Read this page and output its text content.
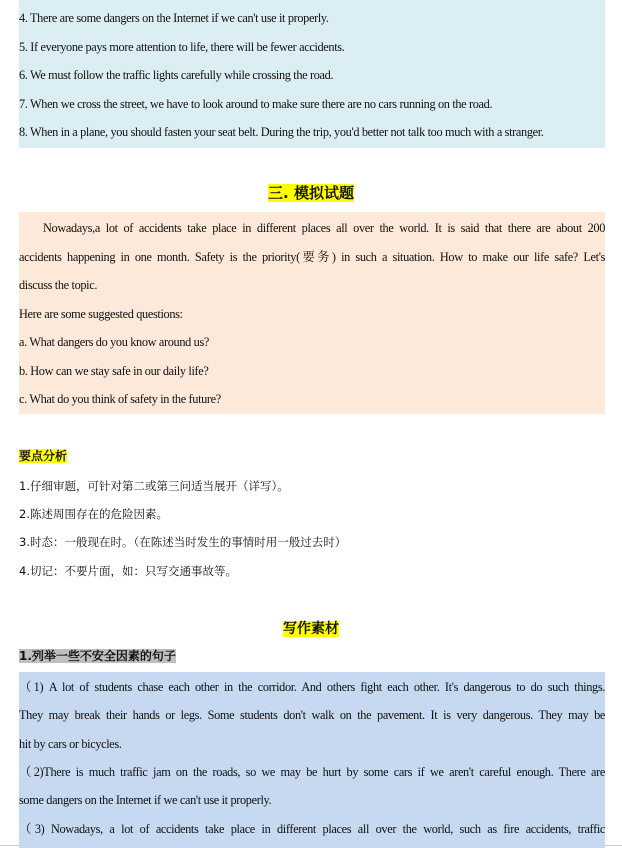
4. There are some dangers on the Internet if we can't use it properly.
5. If everyone pays more attention to life, there will be fewer accidents.
6. We must follow the traffic lights carefully while crossing the road.
7. When we cross the street, we have to look around to make sure there are no cars running on the road.
8. When in a plane, you should fasten your seat belt. During the trip, you'd better not talk too much with a stranger.
三. 模拟试题
Nowadays,a lot of accidents take place in different places all over the world. It is said that there are about 200
accidents happening in one month. Safety is the priority(要务) in such a situation. How to make our life safe? Let's
discuss the topic.
Here are some suggested questions:
a. What dangers do you know around us?
b. How can we stay safe in our daily life?
c. What do you think of safety in the future?
要点分析
1.仔细审题，可针对第二或第三问适当展开（详写）。
2.陈述周围存在的危险因素。
3.时态：一般现在时。（在陈述当时发生的事情时用一般过去时）
4.切记：不要片面，如：只写交通事故等。
写作素材
1.列举一些不安全因素的句子
（1) A lot of students chase each other in the corridor. And others fight each other. It's dangerous to do such things.
They may break their hands or legs. Some students don't walk on the pavement. It is very dangerous. They may be
hit by cars or bicycles.
（2)There is much traffic jam on the roads, so we may be hurt by some cars if we aren't careful enough. There are
some dangers on the Internet if we can't use it properly.
（3) Nowadays, a lot of accidents take place in different places all over the world, such as fire accidents, traffic
